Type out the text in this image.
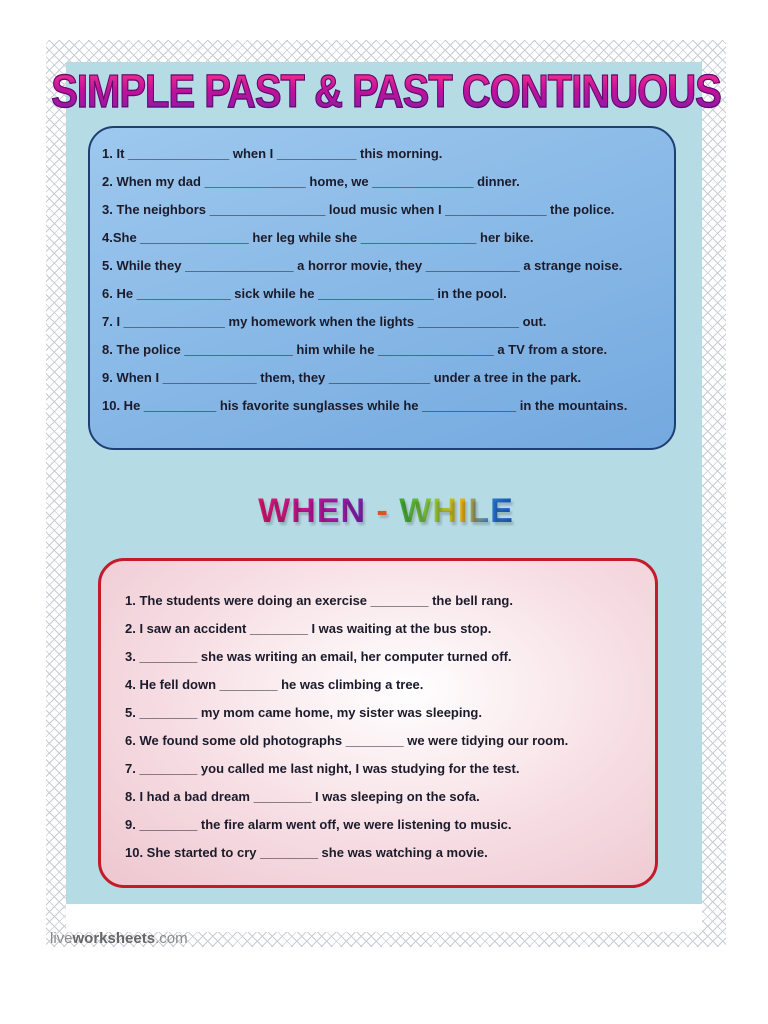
SIMPLE PAST & PAST CONTINUOUS
1. It ______________ when I ___________ this morning.
2. When my dad ______________ home, we ______________ dinner.
3. The neighbors ________________ loud music when I ______________ the police.
4.She _______________ her leg while she ________________ her bike.
5. While they _______________ a horror movie, they _____________ a strange noise.
6. He _____________ sick while he ________________ in the pool.
7. I ______________ my homework when the lights ______________ out.
8. The police _______________ him while he ________________ a TV from a store.
9. When I _____________ them, they ______________ under a tree in the park.
10. He __________ his favorite sunglasses while he _____________ in the mountains.
WHEN - WHILE
1. The students were doing an exercise ________ the bell rang.
2. I saw an accident ________ I was waiting at the bus stop.
3. ________ she was writing an email, her computer turned off.
4. He fell down ________ he was climbing a tree.
5. ________ my mom came home, my sister was sleeping.
6. We found some old photographs ________ we were tidying our room.
7. ________ you called me last night, I was studying for the test.
8. I had a bad dream ________ I was sleeping on the sofa.
9. ________ the fire alarm went off, we were listening to music.
10. She started to cry ________ she was watching a movie.
liveworksheets.com
